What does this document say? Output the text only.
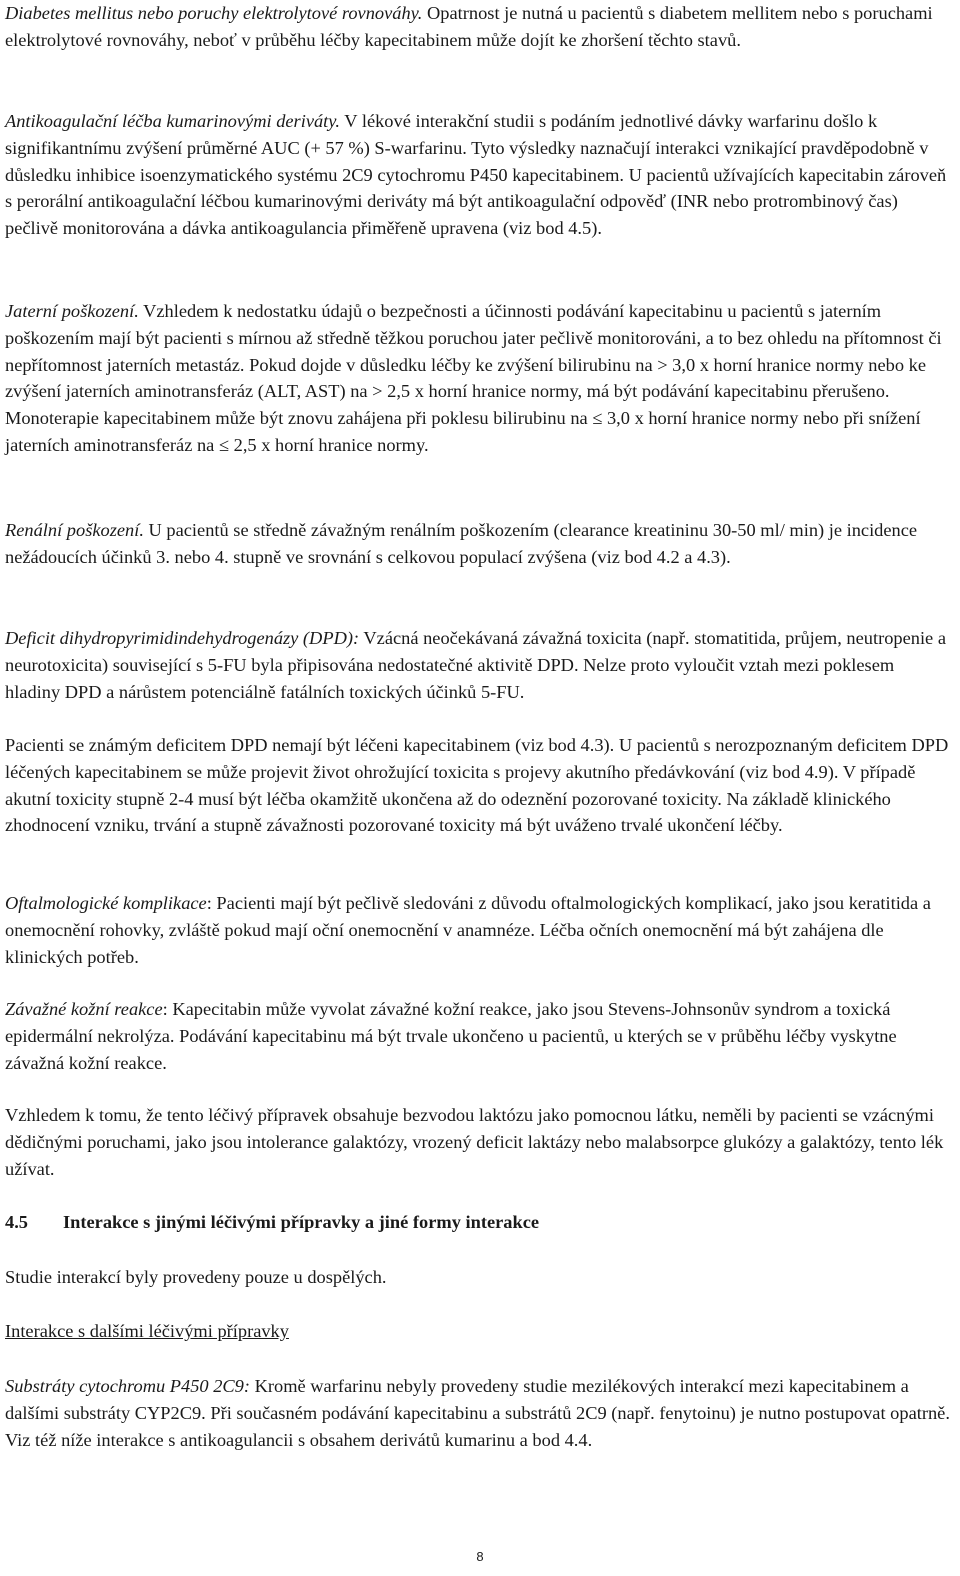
Diabetes mellitus nebo poruchy elektrolytové rovnováhy. Opatrnost je nutná u pacientů s diabetem mellitem nebo s poruchami elektrolytové rovnováhy, neboť v průběhu léčby kapecitabinem může dojít ke zhoršení těchto stavů.

Antikoagulační léčba kumarinovými deriváty. V lékové interakční studii s podáním jednotlivé dávky warfarinu došlo k signifikantnímu zvýšení průměrné AUC (+ 57 %) S-warfarinu. Tyto výsledky naznačují interakci vznikající pravděpodobně v důsledku inhibice isoenzymatického systému 2C9 cytochromu P450 kapecitabinem. U pacientů užívajících kapecitabin zároveň s perorální antikoagulační léčbou kumarinovými deriváty má být antikoagulační odpověď (INR nebo protrombinový čas) pečlivě monitorována a dávka antikoagulancia přiměřeně upravena (viz bod 4.5).

Jaterní poškození. Vzhledem k nedostatku údajů o bezpečnosti a účinnosti podávání kapecitabinu u pacientů s jaterním poškozením mají být pacienti s mírnou až středně těžkou poruchou jater pečlivě monitorováni, a to bez ohledu na přítomnost či nepřítomnost jaterních metastáz. Pokud dojde v důsledku léčby ke zvýšení bilirubinu na > 3,0 x horní hranice normy nebo ke zvýšení jaterních aminotransferáz (ALT, AST) na > 2,5 x horní hranice normy, má být podávání kapecitabinu přerušeno. Monoterapie kapecitabinem může být znovu zahájena při poklesu bilirubinu na ≤ 3,0 x horní hranice normy nebo při snížení jaterních aminotransferáz na ≤ 2,5 x horní hranice normy.

Renální poškození. U pacientů se středně závažným renálním poškozením (clearance kreatininu 30-50 ml/ min) je incidence nežádoucích účinků 3. nebo 4. stupně ve srovnání s celkovou populací zvýšena (viz bod 4.2 a 4.3).

Deficit dihydropyrimidindehydrogenázy (DPD): Vzácná neočekávaná závažná toxicita (např. stomatitida, průjem, neutropenie a neurotoxicita) související s 5-FU byla připisována nedostatečné aktivitě DPD. Nelze proto vyloučit vztah mezi poklesem hladiny DPD a nárůstem potenciálně fatálních toxických účinků 5-FU.

Pacienti se známým deficitem DPD nemají být léčeni kapecitabinem (viz bod 4.3). U pacientů s nerozpoznaným deficitem DPD léčených kapecitabinem se může projevit život ohrožující toxicita s projevy akutního předávkování (viz bod 4.9). V případě akutní toxicity stupně 2-4 musí být léčba okamžitě ukončena až do odeznění pozorované toxicity. Na základě klinického zhodnocení vzniku, trvání a stupně závažnosti pozorované toxicity má být uváženo trvalé ukončení léčby.

Oftalmologické komplikace: Pacienti mají být pečlivě sledováni z důvodu oftalmologických komplikací, jako jsou keratitida a onemocnění rohovky, zvláště pokud mají oční onemocnění v anamnéze. Léčba očních onemocnění má být zahájena dle klinických potřeb.

Závažné kožní reakce: Kapecitabin může vyvolat závažné kožní reakce, jako jsou Stevens-Johnsonův syndrom a toxická epidermální nekrolýza. Podávání kapecitabinu má být trvale ukončeno u pacientů, u kterých se v průběhu léčby vyskytne závažná kožní reakce.

Vzhledem k tomu, že tento léčivý přípravek obsahuje bezvodou laktózu jako pomocnou látku, neměli by pacienti se vzácnými dědičnými poruchami, jako jsou intolerance galaktózy, vrozený deficit laktázy nebo malabsorpce glukózy a galaktózy, tento lék užívat.

4.5 Interakce s jinými léčivými přípravky a jiné formy interakce

Studie interakcí byly provedeny pouze u dospělých.

Interakce s dalšími léčivými přípravky

Substráty cytochromu P450 2C9: Kromě warfarinu nebyly provedeny studie mezilékových interakcí mezi kapecitabinem a dalšími substráty CYP2C9. Při současném podávání kapecitabinu a substrátů 2C9 (např. fenytoinu) je nutno postupovat opatrně. Viz též níže interakce s antikoagulancii s obsahem derivátů kumarinu a bod 4.4.

8
